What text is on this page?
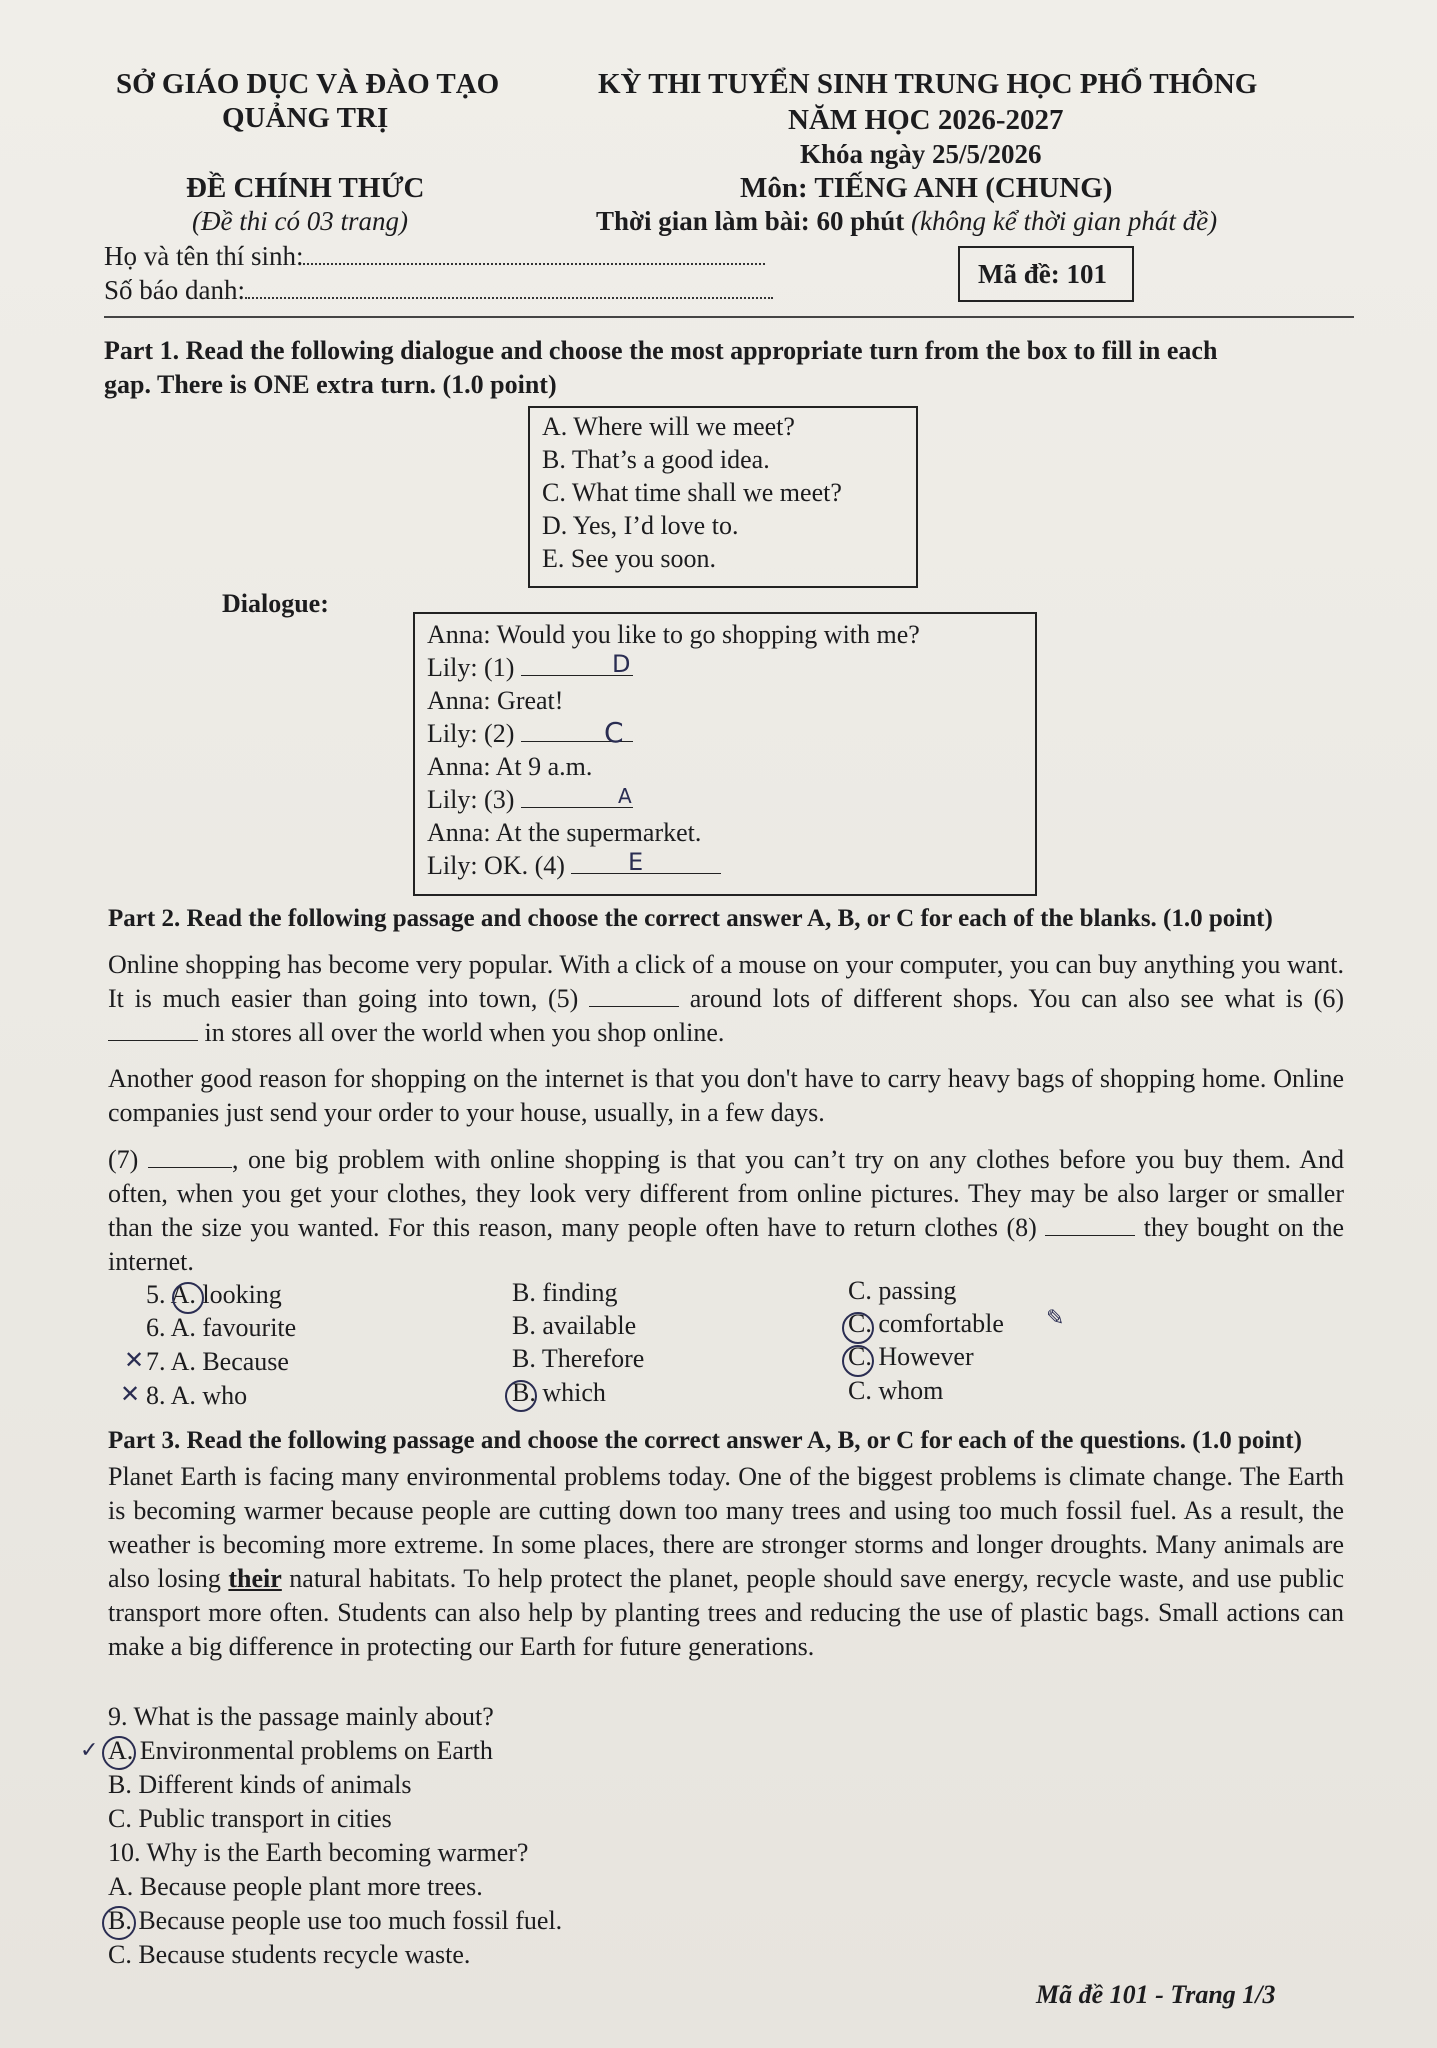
SỞ GIÁO DỤC VÀ ĐÀO TẠO
QUẢNG TRỊ
KỲ THI TUYỂN SINH TRUNG HỌC PHỔ THÔNG
NĂM HỌC 2026-2027
Khóa ngày 25/5/2026
ĐỀ CHÍNH THỨC
(Đề thi có 03 trang)
Môn: TIẾNG ANH (CHUNG)
Thời gian làm bài: 60 phút (không kể thời gian phát đề)
Họ và tên thí sinh:
Số báo danh:
Mã đề: 101
Part 1. Read the following dialogue and choose the most appropriate turn from the box to fill in each
gap. There is ONE extra turn. (1.0 point)
A. Where will we meet?
B. That’s a good idea.
C. What time shall we meet?
D. Yes, I’d love to.
E. See you soon.
Dialogue:
Anna: Would you like to go shopping with me?
Lily: (1)
Anna: Great!
Lily: (2)
Anna: At 9 a.m.
Lily: (3)
Anna: At the supermarket.
Lily: OK. (4)
D
C
A
E
Part 2. Read the following passage and choose the correct answer A, B, or C for each of the blanks. (1.0 point)
Online shopping has become very popular. With a click of a mouse on your computer, you can buy anything you want. It is much easier than going into town, (5)	around lots of different shops. You can also see what is (6)  in stores all over the world when you shop online.
Another good reason for shopping on the internet is that you don't have to carry heavy bags of shopping home. Online companies just send your order to your house, usually, in a few days.
(7)	, one big problem with online shopping is that you can’t try on any clothes before you buy them. And often, when you get your clothes, they look very different from online pictures. They may be also larger or smaller than the size you wanted. For this reason, many people often have to return clothes (8)	they bought on the internet.
5. A. looking	B. finding	C. passing
6. A. favourite	B. available	C. comfortable
7. A. Because	B. Therefore	C. However
8. A. who	B. which	C. whom
✕
✕
✎
Part 3. Read the following passage and choose the correct answer A, B, or C for each of the questions. (1.0 point)
Planet Earth is facing many environmental problems today. One of the biggest problems is climate change. The Earth is becoming warmer because people are cutting down too many trees and using too much fossil fuel. As a result, the weather is becoming more extreme. In some places, there are stronger storms and longer droughts. Many animals are also losing their natural habitats. To help protect the planet, people should save energy, recycle waste, and use public transport more often. Students can also help by planting trees and reducing the use of plastic bags. Small actions can make a big difference in protecting our Earth for future generations.
9. What is the passage mainly about?
A. Environmental problems on Earth
B. Different kinds of animals
C. Public transport in cities
10. Why is the Earth becoming warmer?
A. Because people plant more trees.
B. Because people use too much fossil fuel.
C. Because students recycle waste.
✓
Mã đề 101 - Trang 1/3
